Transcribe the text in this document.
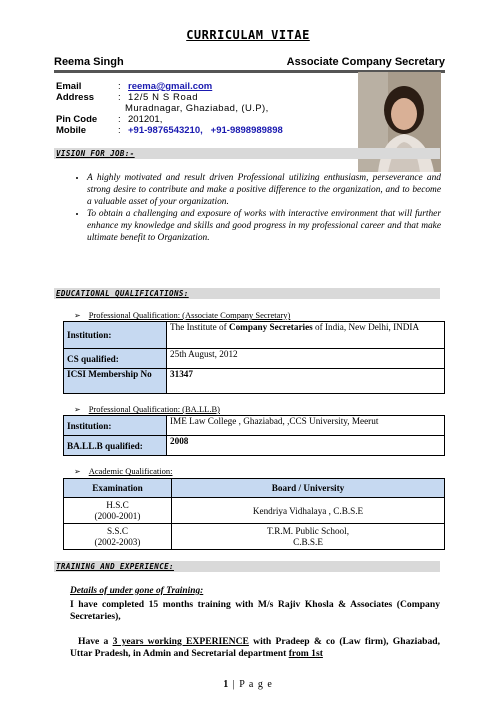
CURRICULAM VITAE
Reema Singh	Associate Company Secretary
Email	: reema@gmail.com
Address	: 12/5 N S Road
Muradnagar, Ghaziabad, (U.P),
Pin Code : 201201,
Mobile	: +91-9876543210,   +91-9898989898
VISION FOR JOB:-
• A highly motivated and result driven Professional utilizing enthusiasm, perseverance and strong desire to contribute and make a positive difference to the organization, and to become a valuable asset of your organization.
• To obtain a challenging and exposure of works with interactive environment that will further enhance my knowledge and skills and good progress in my professional career and that make ultimate benefit to Organization.
EDUCATIONAL QUALIFICATIONS:
➢ Professional Qualification: (Associate Company Secretary)
Institution:	The Institute of Company Secretaries of India, New Delhi, INDIA
CS qualified:	25th August, 2012
ICSI Membership No	31347
➢ Professional Qualification: (BA.LL.B)
Institution:	IME Law College , Ghaziabad, ,CCS University, Meerut
BA.LL.B qualified:	2008
➢ Academic Qualification:
Examination	Board / University
H.S.C
(2000-2001)	Kendriya Vidhalaya , C.B.S.E
S.S.C
(2002-2003)	T.R.M. Public School,
C.B.S.E
TRAINING AND EXPERIENCE:
Details of under gone of Training:
I have completed 15 months training with M/s Rajiv Khosla & Associates (Company Secretaries),
Have a 3 years working EXPERIENCE with Pradeep & co (Law firm), Ghaziabad, Uttar Pradesh, in Admin and Secretarial department from 1st
1 | P a g e
